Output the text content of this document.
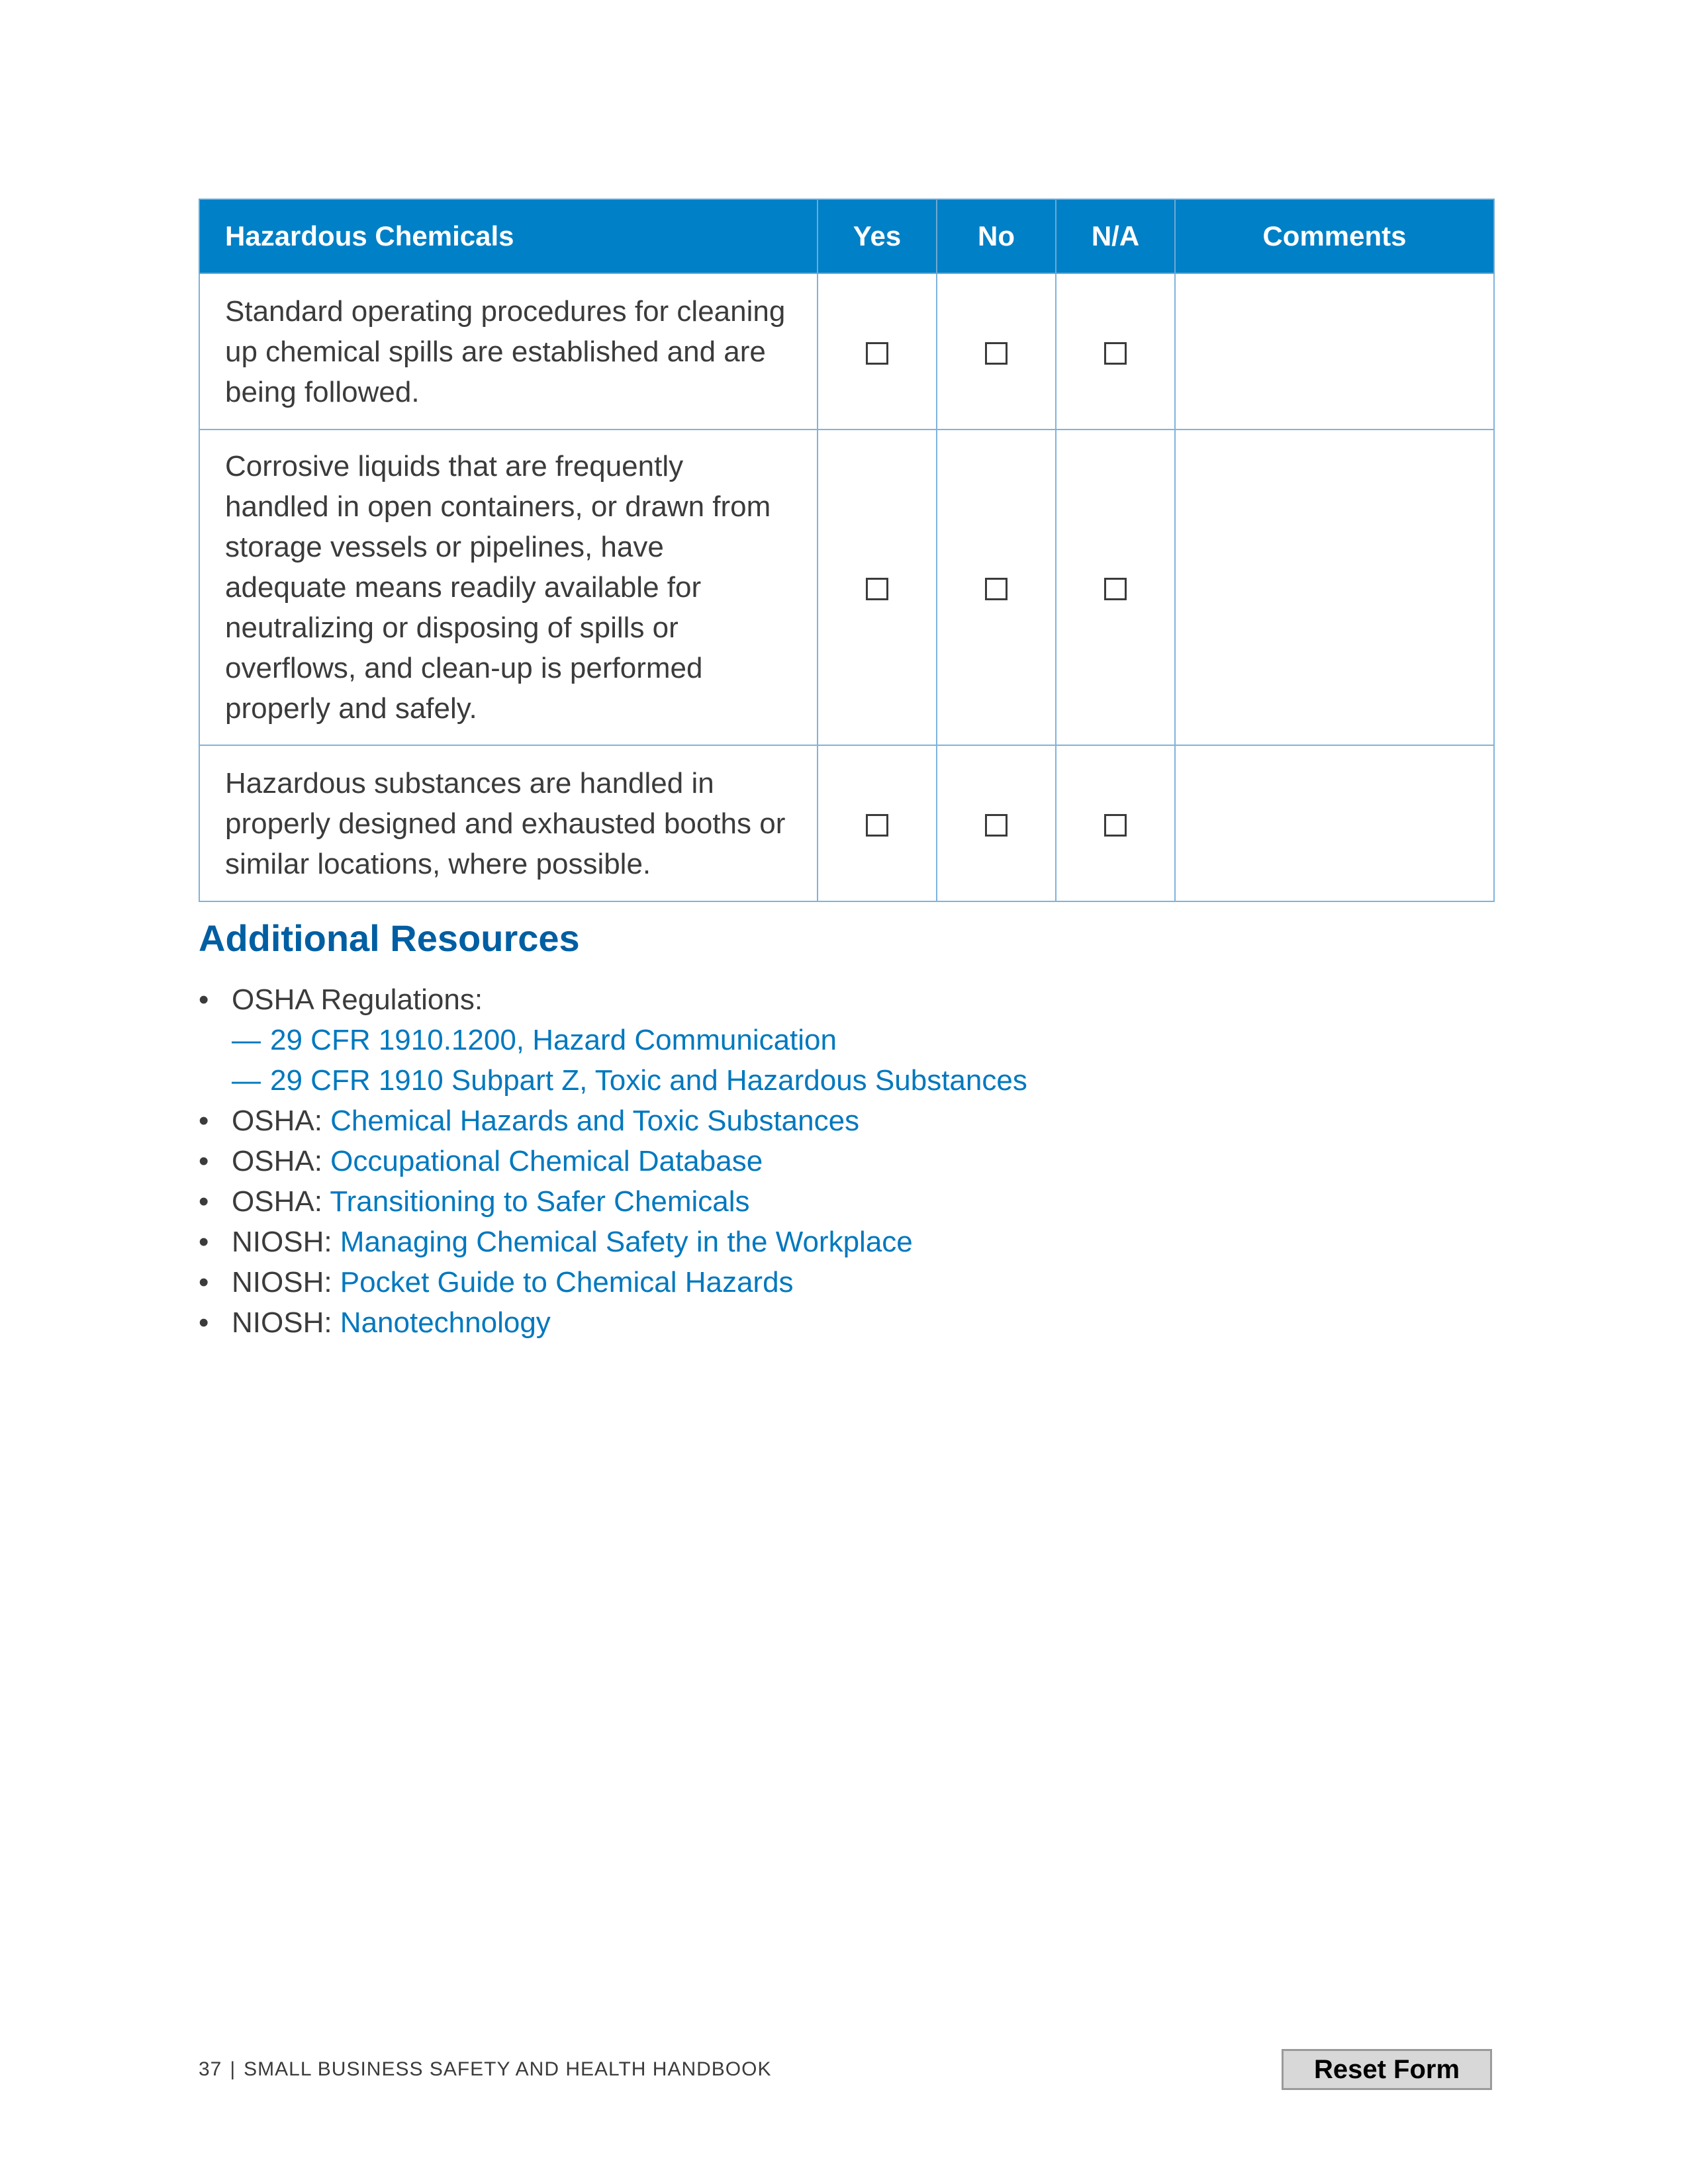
Hazardous Chemicals	Yes	No	N/A	Comments
Standard operating procedures for cleaning up chemical spills are established and are being followed.				

Corrosive liquids that are frequently handled in open containers, or drawn from storage vessels or pipelines, have adequate means readily available for neutralizing or disposing of spills or overflows, and clean-up is performed properly and safely.				

Hazardous substances are handled in properly designed and exhausted booths or similar locations, where possible.				
Additional Resources
• OSHA Regulations:
— 29 CFR 1910.1200, Hazard Communication
— 29 CFR 1910 Subpart Z, Toxic and Hazardous Substances
• OSHA: Chemical Hazards and Toxic Substances
• OSHA: Occupational Chemical Database
• OSHA: Transitioning to Safer Chemicals
• NIOSH: Managing Chemical Safety in the Workplace
• NIOSH: Pocket Guide to Chemical Hazards
• NIOSH: Nanotechnology
37 | SMALL BUSINESS SAFETY AND HEALTH HANDBOOK	Reset Form
